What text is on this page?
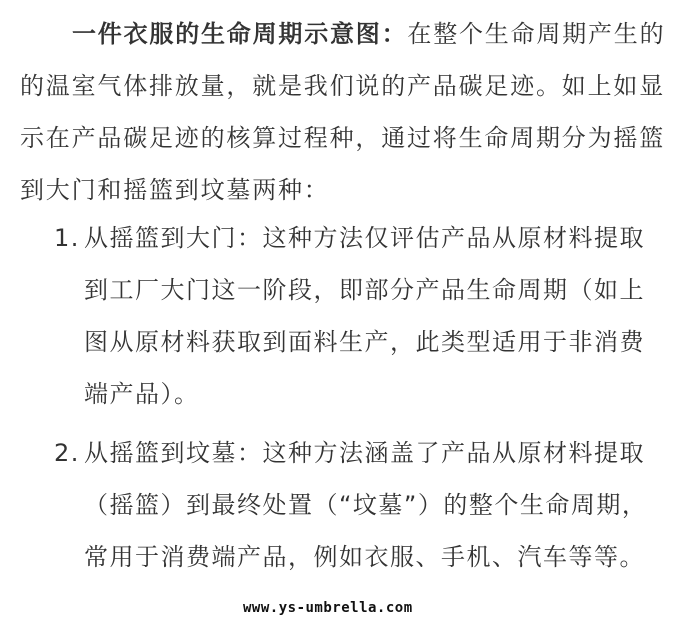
一件衣服的生命周期示意图：在整个生命周期产生的的温室气体排放量，就是我们说的产品碳足迹。如上如显示在产品碳足迹的核算过程种，通过将生命周期分为摇篮到大门和摇篮到坟墓两种：

1. 从摇篮到大门：这种方法仅评估产品从原材料提取到工厂大门这一阶段，即部分产品生命周期（如上图从原材料获取到面料生产，此类型适用于非消费端产品）。
2. 从摇篮到坟墓：这种方法涵盖了产品从原材料提取（摇篮）到最终处置（“坟墓”）的整个生命周期，常用于消费端产品，例如衣服、手机、汽车等等。
www.ys-umbrella.com
